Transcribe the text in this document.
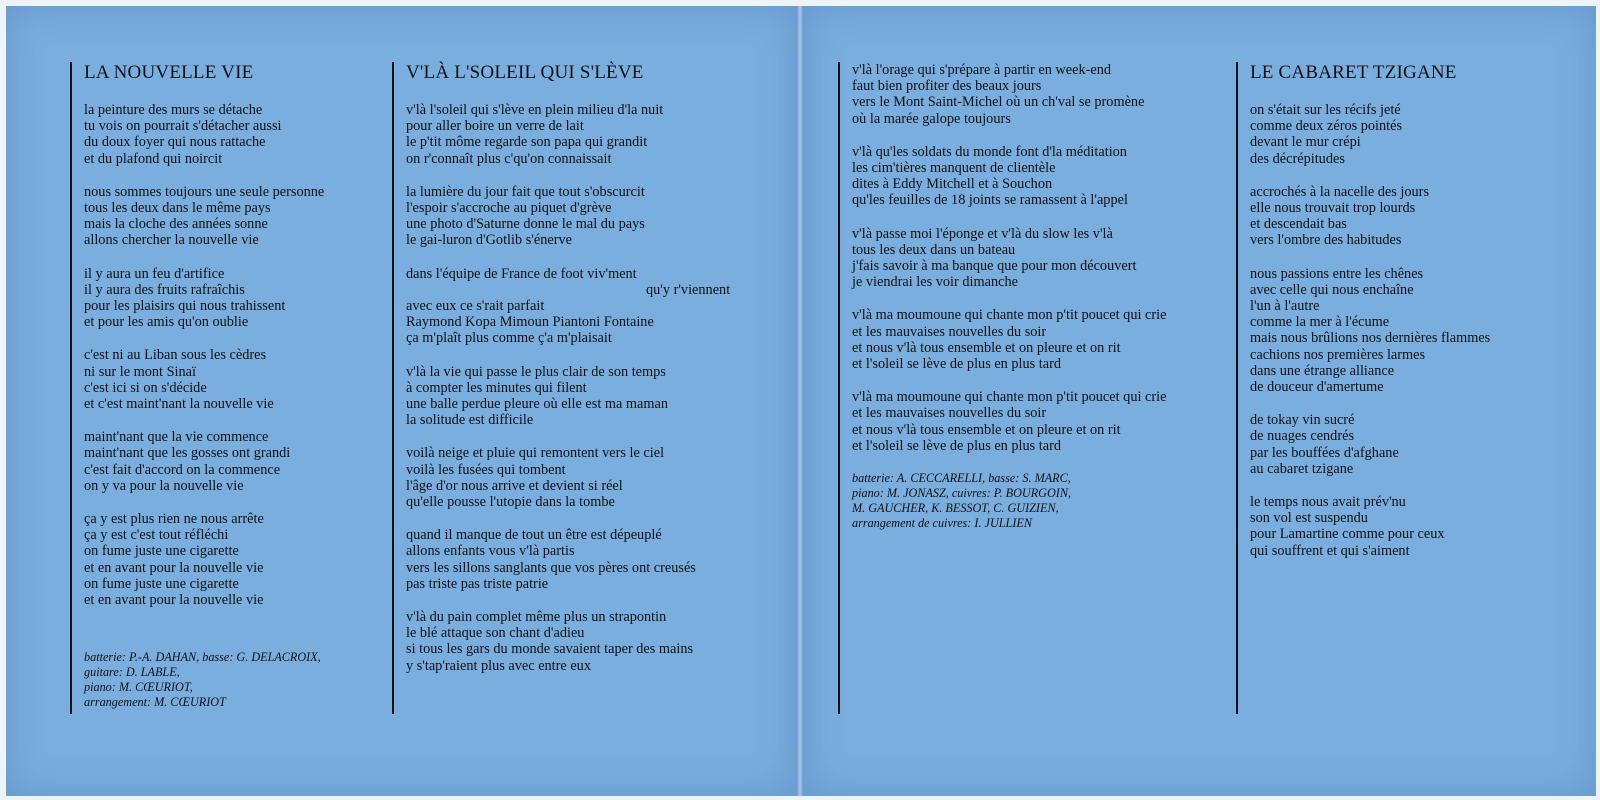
LA NOUVELLE VIE
la peinture des murs se détache
tu vois on pourrait s'détacher aussi
du doux foyer qui nous rattache
et du plafond qui noircit
nous sommes toujours une seule personne
tous les deux dans le même pays
mais la cloche des années sonne
allons chercher la nouvelle vie
il y aura un feu d'artifice
il y aura des fruits rafraîchis
pour les plaisirs qui nous trahissent
et pour les amis qu'on oublie
c'est ni au Liban sous les cèdres
ni sur le mont Sinaï
c'est ici si on s'décide
et c'est maint'nant la nouvelle vie
maint'nant que la vie commence
maint'nant que les gosses ont grandi
c'est fait d'accord on la commence
on y va pour la nouvelle vie
ça y est plus rien ne nous arrête
ça y est c'est tout réfléchi
on fume juste une cigarette
et en avant pour la nouvelle vie
on fume juste une cigarette
et en avant pour la nouvelle vie
batterie: P.-A. DAHAN, basse: G. DELACROIX,
guitare: D. LABLE,
piano: M. CŒURIOT,
arrangement: M. CŒURIOT
V'LÀ L'SOLEIL QUI S'LÈVE
v'là l'soleil qui s'lève en plein milieu d'la nuit
pour aller boire un verre de lait
le p'tit môme regarde son papa qui grandit
on r'connaît plus c'qu'on connaissait
la lumière du jour fait que tout s'obscurcit
l'espoir s'accroche au piquet d'grève
une photo d'Saturne donne le mal du pays
le gai-luron d'Gotlib s'énerve
dans l'équipe de France de foot viv'ment
qu'y r'viennent
avec eux ce s'rait parfait
Raymond Kopa Mimoun Piantoni Fontaine
ça m'plaît plus comme ç'a m'plaisait
v'là la vie qui passe le plus clair de son temps
à compter les minutes qui filent
une balle perdue pleure où elle est ma maman
la solitude est difficile
voilà neige et pluie qui remontent vers le ciel
voilà les fusées qui tombent
l'âge d'or nous arrive et devient si réel
qu'elle pousse l'utopie dans la tombe
quand il manque de tout un être est dépeuplé
allons enfants vous v'là partis
vers les sillons sanglants que vos pères ont creusés
pas triste pas triste patrie
v'là du pain complet même plus un strapontin
le blé attaque son chant d'adieu
si tous les gars du monde savaient taper des mains
y s'tap'raient plus avec entre eux
v'là l'orage qui s'prépare à partir en week-end
faut bien profiter des beaux jours
vers le Mont Saint-Michel où un ch'val se promène
où la marée galope toujours
v'là qu'les soldats du monde font d'la méditation
les cim'tières manquent de clientèle
dites à Eddy Mitchell et à Souchon
qu'les feuilles de 18 joints se ramassent à l'appel
v'là passe moi l'éponge et v'là du slow les v'là
tous les deux dans un bateau
j'fais savoir à ma banque que pour mon découvert
je viendrai les voir dimanche
v'là ma moumoune qui chante mon p'tit poucet qui crie
et les mauvaises nouvelles du soir
et nous v'là tous ensemble et on pleure et on rit
et l'soleil se lève de plus en plus tard
v'là ma moumoune qui chante mon p'tit poucet qui crie
et les mauvaises nouvelles du soir
et nous v'là tous ensemble et on pleure et on rit
et l'soleil se lève de plus en plus tard
batterie: A. CECCARELLI, basse: S. MARC,
piano: M. JONASZ, cuivres: P. BOURGOIN,
M. GAUCHER, K. BESSOT, C. GUIZIEN,
arrangement de cuivres: I. JULLIEN
LE CABARET TZIGANE
on s'était sur les récifs jeté
comme deux zéros pointés
devant le mur crépi
des décrépitudes
accrochés à la nacelle des jours
elle nous trouvait trop lourds
et descendait bas
vers l'ombre des habitudes
nous passions entre les chênes
avec celle qui nous enchaîne
l'un à l'autre
comme la mer à l'écume
mais nous brûlions nos dernières flammes
cachions nos premières larmes
dans une étrange alliance
de douceur d'amertume
de tokay vin sucré
de nuages cendrés
par les bouffées d'afghane
au cabaret tzigane
le temps nous avait prév'nu
son vol est suspendu
pour Lamartine comme pour ceux
qui souffrent et qui s'aiment
